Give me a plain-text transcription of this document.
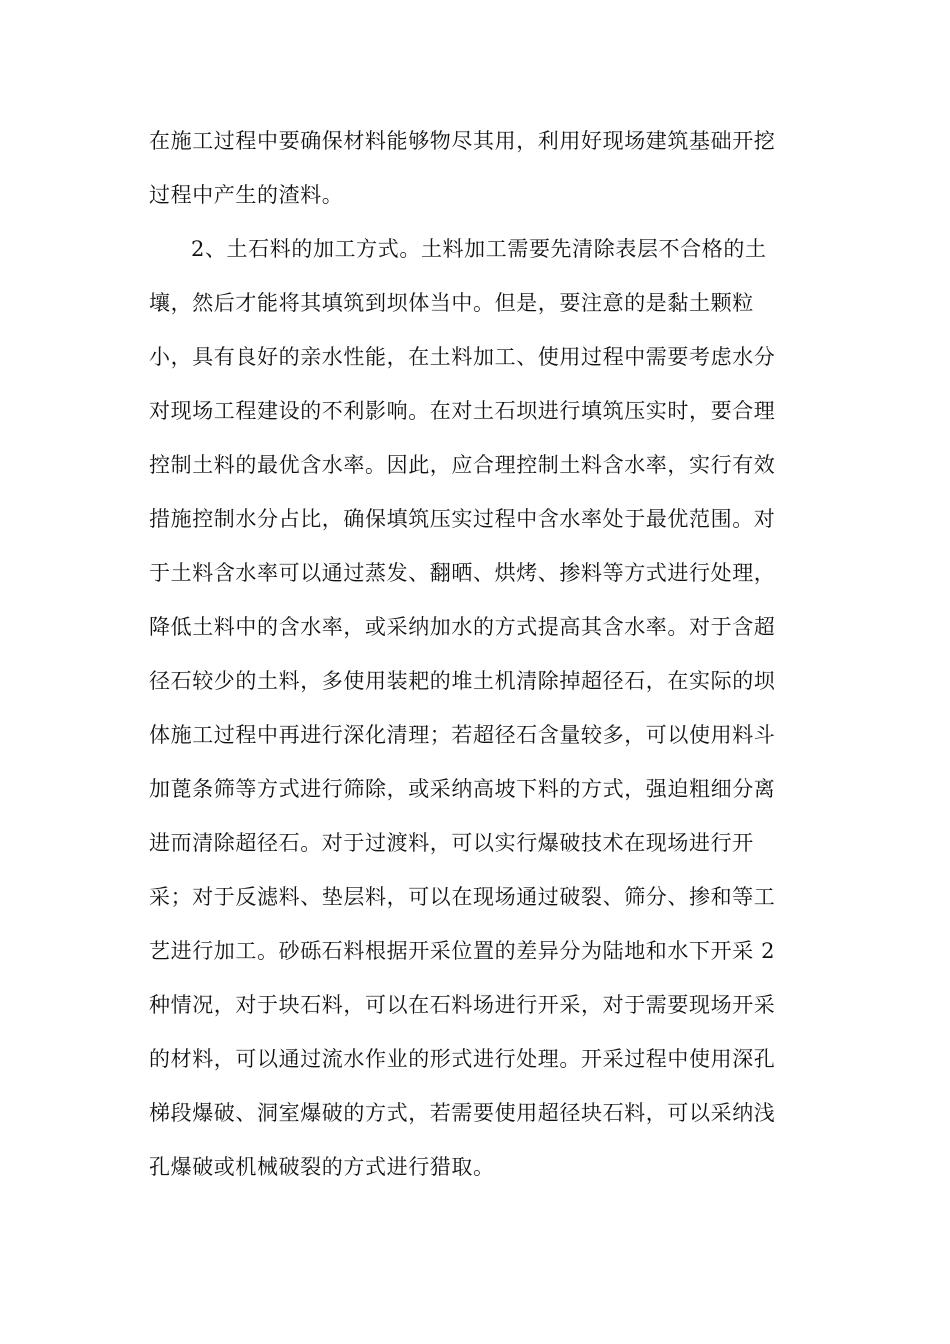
在施工过程中要确保材料能够物尽其用，利用好现场建筑基础开挖
过程中产生的渣料。
2、土石料的加工方式。土料加工需要先清除表层不合格的土
壤，然后才能将其填筑到坝体当中。但是，要注意的是黏土颗粒
小，具有良好的亲水性能，在土料加工、使用过程中需要考虑水分
对现场工程建设的不利影响。在对土石坝进行填筑压实时，要合理
控制土料的最优含水率。因此，应合理控制土料含水率，实行有效
措施控制水分占比，确保填筑压实过程中含水率处于最优范围。对
于土料含水率可以通过蒸发、翻晒、烘烤、掺料等方式进行处理，
降低土料中的含水率，或采纳加水的方式提高其含水率。对于含超
径石较少的土料，多使用装耙的堆土机清除掉超径石，在实际的坝
体施工过程中再进行深化清理；若超径石含量较多，可以使用料斗
加蓖条筛等方式进行筛除，或采纳高坡下料的方式，强迫粗细分离
进而清除超径石。对于过渡料，可以实行爆破技术在现场进行开
采；对于反滤料、垫层料，可以在现场通过破裂、筛分、掺和等工
艺进行加工。砂砾石料根据开采位置的差异分为陆地和水下开采 2
种情况，对于块石料，可以在石料场进行开采，对于需要现场开采
的材料，可以通过流水作业的形式进行处理。开采过程中使用深孔
梯段爆破、洞室爆破的方式，若需要使用超径块石料，可以采纳浅
孔爆破或机械破裂的方式进行猎取。
